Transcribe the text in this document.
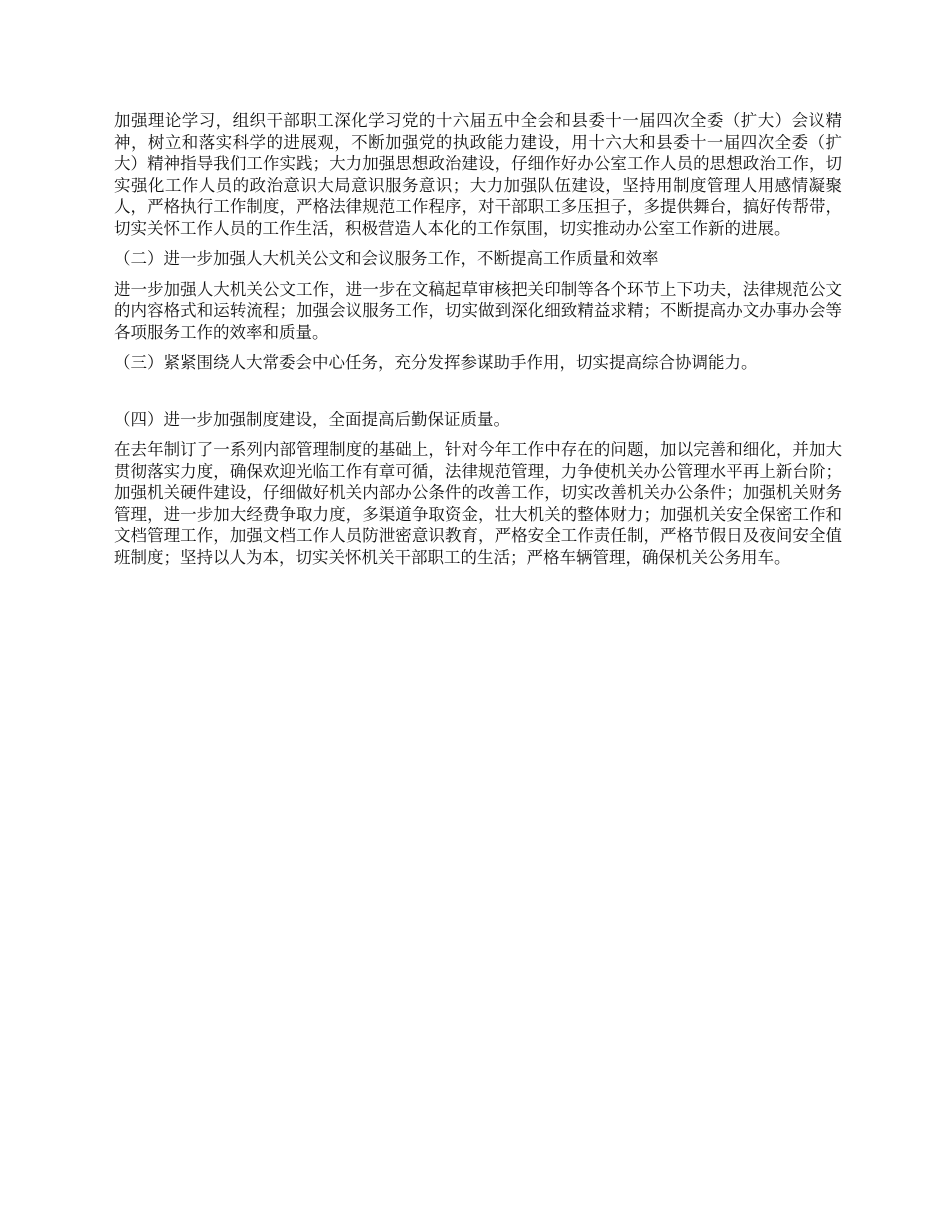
加强理论学习，组织干部职工深化学习党的十六届五中全会和县委十一届四次全委（扩大）会议精神，树立和落实科学的进展观，不断加强党的执政能力建设，用十六大和县委十一届四次全委（扩大）精神指导我们工作实践；大力加强思想政治建设，仔细作好办公室工作人员的思想政治工作，切实强化工作人员的政治意识大局意识服务意识；大力加强队伍建设，坚持用制度管理人用感情凝聚人，严格执行工作制度，严格法律规范工作程序，对干部职工多压担子，多提供舞台，搞好传帮带，切实关怀工作人员的工作生活，积极营造人本化的工作氛围，切实推动办公室工作新的进展。

（二）进一步加强人大机关公文和会议服务工作，不断提高工作质量和效率

进一步加强人大机关公文工作，进一步在文稿起草审核把关印制等各个环节上下功夫，法律规范公文的内容格式和运转流程；加强会议服务工作，切实做到深化细致精益求精；不断提高办文办事办会等各项服务工作的效率和质量。

（三）紧紧围绕人大常委会中心任务，充分发挥参谋助手作用，切实提高综合协调能力。

（四）进一步加强制度建设，全面提高后勤保证质量。

在去年制订了一系列内部管理制度的基础上，针对今年工作中存在的问题，加以完善和细化，并加大贯彻落实力度，确保欢迎光临工作有章可循，法律规范管理，力争使机关办公管理水平再上新台阶；加强机关硬件建设，仔细做好机关内部办公条件的改善工作，切实改善机关办公条件；加强机关财务管理，进一步加大经费争取力度，多渠道争取资金，壮大机关的整体财力；加强机关安全保密工作和文档管理工作，加强文档工作人员防泄密意识教育，严格安全工作责任制，严格节假日及夜间安全值班制度；坚持以人为本，切实关怀机关干部职工的生活；严格车辆管理，确保机关公务用车。
